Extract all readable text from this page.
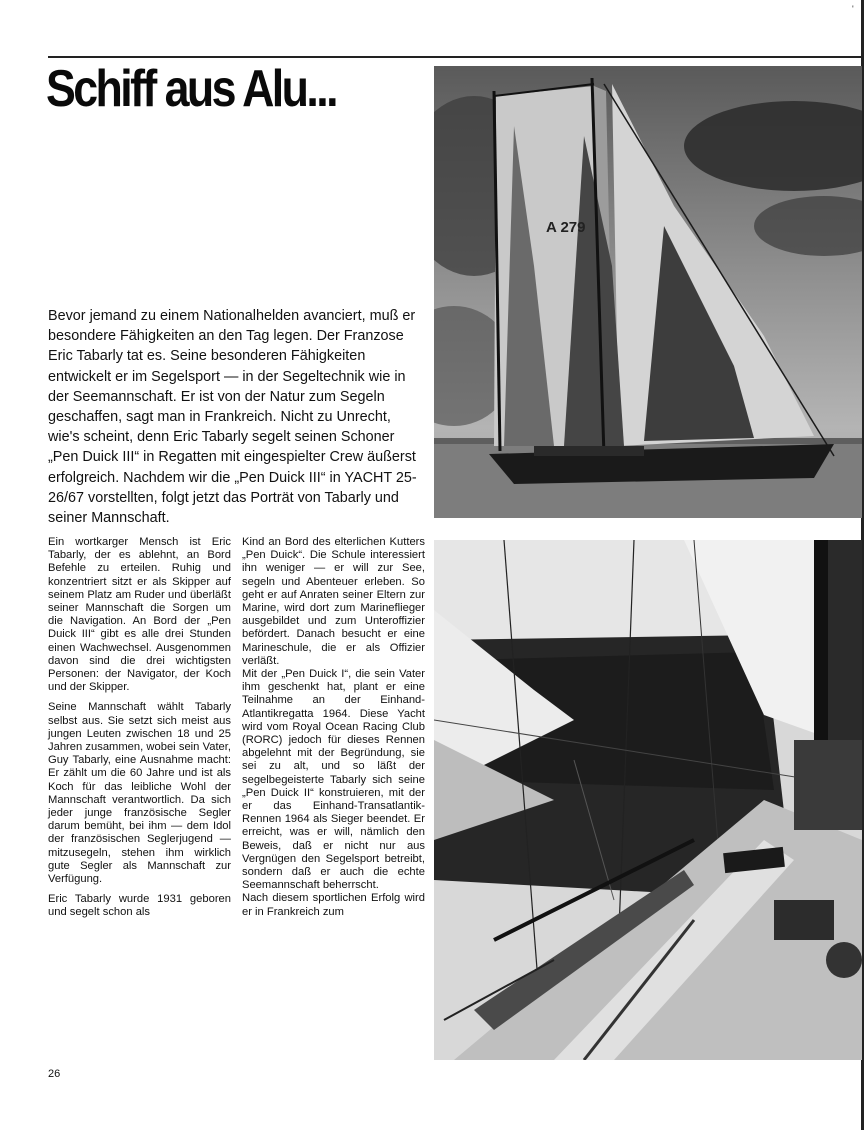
'
Schiff aus Alu...

Bevor jemand zu einem Nationalhelden avanciert, muß er besondere Fähigkeiten an den Tag legen. Der Franzose Eric Tabarly tat es. Seine besonderen Fähigkeiten entwickelt er im Segelsport — in der Segeltechnik wie in der Seemannschaft. Er ist von der Natur zum Segeln geschaffen, sagt man in Frankreich. Nicht zu Unrecht, wie's scheint, denn Eric Tabarly segelt seinen Schoner „Pen Duick III“ in Regatten mit eingespielter Crew äußerst erfolgreich. Nachdem wir die „Pen Duick III“ in YACHT 25-26/67 vorstellten, folgt jetzt das Porträt von Tabarly und seiner Mannschaft.

Ein wortkarger Mensch ist Eric Tabarly, der es ablehnt, an Bord Befehle zu erteilen. Ruhig und konzentriert sitzt er als Skipper auf seinem Platz am Ruder und überläßt seiner Mannschaft die Sorgen um die Navigation. An Bord der „Pen Duick III“ gibt es alle drei Stunden einen Wachwechsel. Ausgenommen davon sind die drei wichtigsten Personen: der Navigator, der Koch und der Skipper.

Seine Mannschaft wählt Tabarly selbst aus. Sie setzt sich meist aus jungen Leuten zwischen 18 und 25 Jahren zusammen, wobei sein Vater, Guy Tabarly, eine Ausnahme macht: Er zählt um die 60 Jahre und ist als Koch für das leibliche Wohl der Mannschaft verantwortlich. Da sich jeder junge französische Segler darum bemüht, bei ihm — dem Idol der französischen Seglerjugend — mitzusegeln, stehen ihm wirklich gute Segler als Mannschaft zur Verfügung.

Eric Tabarly wurde 1931 geboren und segelt schon als

Kind an Bord des elterlichen Kutters „Pen Duick“. Die Schule interessiert ihn weniger — er will zur See, segeln und Abenteuer erleben. So geht er auf Anraten seiner Eltern zur Marine, wird dort zum Marineflieger ausgebildet und zum Unteroffizier befördert. Danach besucht er eine Marineschule, die er als Offizier verläßt.

Mit der „Pen Duick I“, die sein Vater ihm geschenkt hat, plant er eine Teilnahme an der Einhand-Atlantikregatta 1964. Diese Yacht wird vom Royal Ocean Racing Club (RORC) jedoch für dieses Rennen abgelehnt mit der Begründung, sie sei zu alt, und so läßt der segelbegeisterte Tabarly sich seine „Pen Duick II“ konstruieren, mit der er das Einhand-Transatlantik-Rennen 1964 als Sieger beendet. Er erreicht, was er will, nämlich den Beweis, daß er nicht nur aus Vergnügen den Segelsport betreibt, sondern daß er auch die echte Seemannschaft beherrscht.

Nach diesem sportlichen Erfolg wird er in Frankreich zum

26
A 279
